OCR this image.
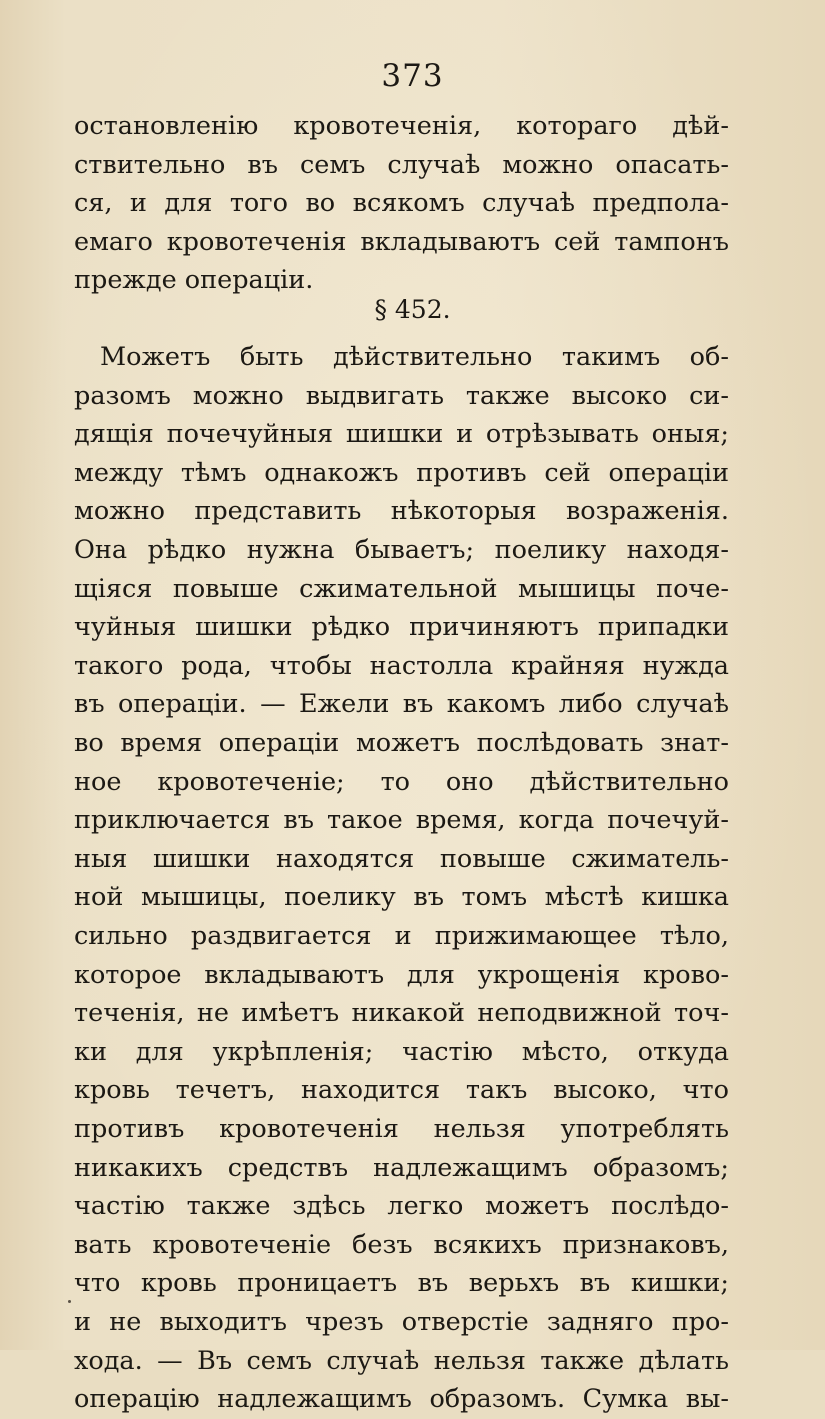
373
остановленію кровотеченія, котораго дѣй-
ствительно въ семъ случаѣ можно опасать-
ся, и для того во всякомъ случаѣ предпола-
емаго кровотеченія вкладываютъ сей тампонъ
прежде операціи.
§ 452.
Можетъ быть дѣйствительно такимъ об-
разомъ можно выдвигать также высоко си-
дящія почечуйныя шишки и отрѣзывать оныя;
между тѣмъ однакожъ противъ сей операціи
можно представить нѣкоторыя возраженія.
Она рѣдко нужна бываетъ; поелику находя-
щіяся повыше сжимательной мышицы поче-
чуйныя шишки рѣдко причиняютъ припадки
такого рода, чтобы настолла крайняя нужда
въ операціи. — Ежели въ какомъ либо случаѣ
во время операціи можетъ послѣдовать знат-
ное кровотеченіе; то оно дѣйствительно
приключается въ такое время, когда почечуй-
ныя шишки находятся повыше сжиматель-
ной мышицы, поелику въ томъ мѣстѣ кишка
сильно раздвигается и прижимающее тѣло,
которое вкладываютъ для укрощенія крово-
теченія, не имѣетъ никакой неподвижной точ-
ки для укрѣпленія; частію мѣсто, откуда
кровь течетъ, находится такъ высоко, что
противъ кровотеченія нельзя употреблять
никакихъ средствъ надлежащимъ образомъ;
частію также здѣсь легко можетъ послѣдо-
вать кровотеченіе безъ всякихъ признаковъ,
что кровь проницаетъ въ верьхъ въ кишки;
и не выходитъ чрезъ отверстіе задняго про-
хода. — Въ семъ случаѣ нельзя также дѣлать
операцію надлежащимъ образомъ. Сумка вы-
